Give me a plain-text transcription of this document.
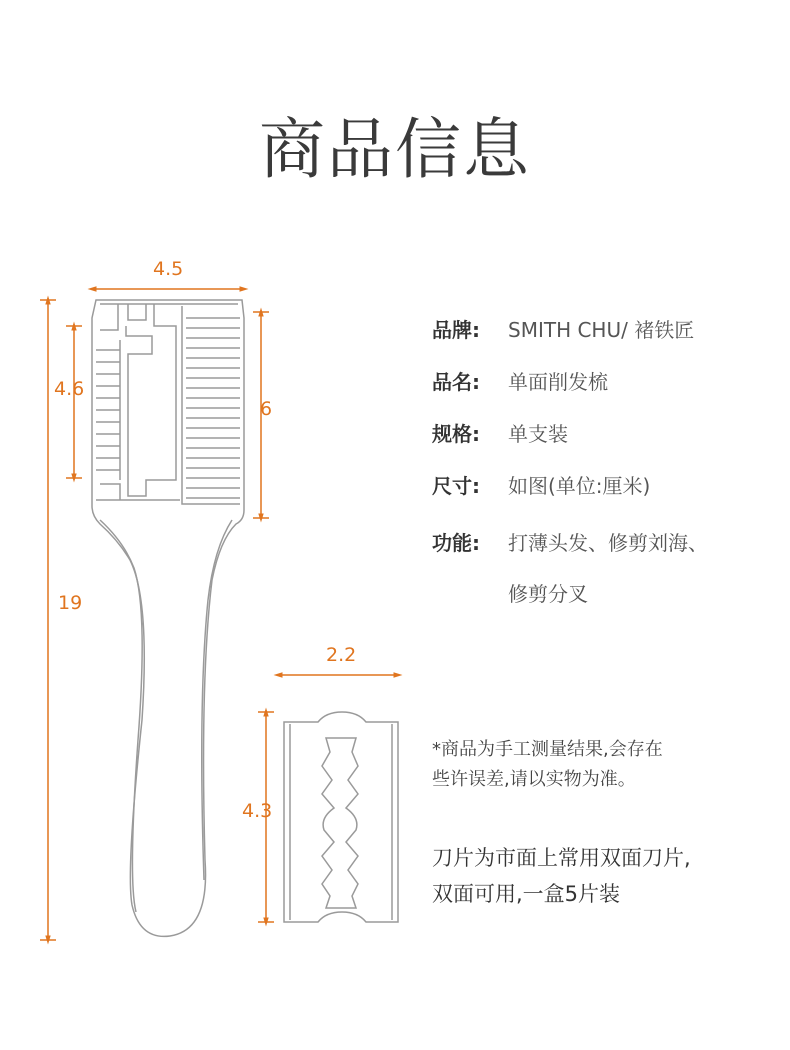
商品信息
4.5
4.6
6
19
2.2
4.3
品牌: SMITH CHU/ 褚铁匠
品名: 单面削发梳
规格: 单支装
尺寸: 如图(单位:厘米)
功能: 打薄头发、修剪刘海、
修剪分叉
*商品为手工测量结果,会存在
些许误差,请以实物为准。
刀片为市面上常用双面刀片,
双面可用,一盒5片装
